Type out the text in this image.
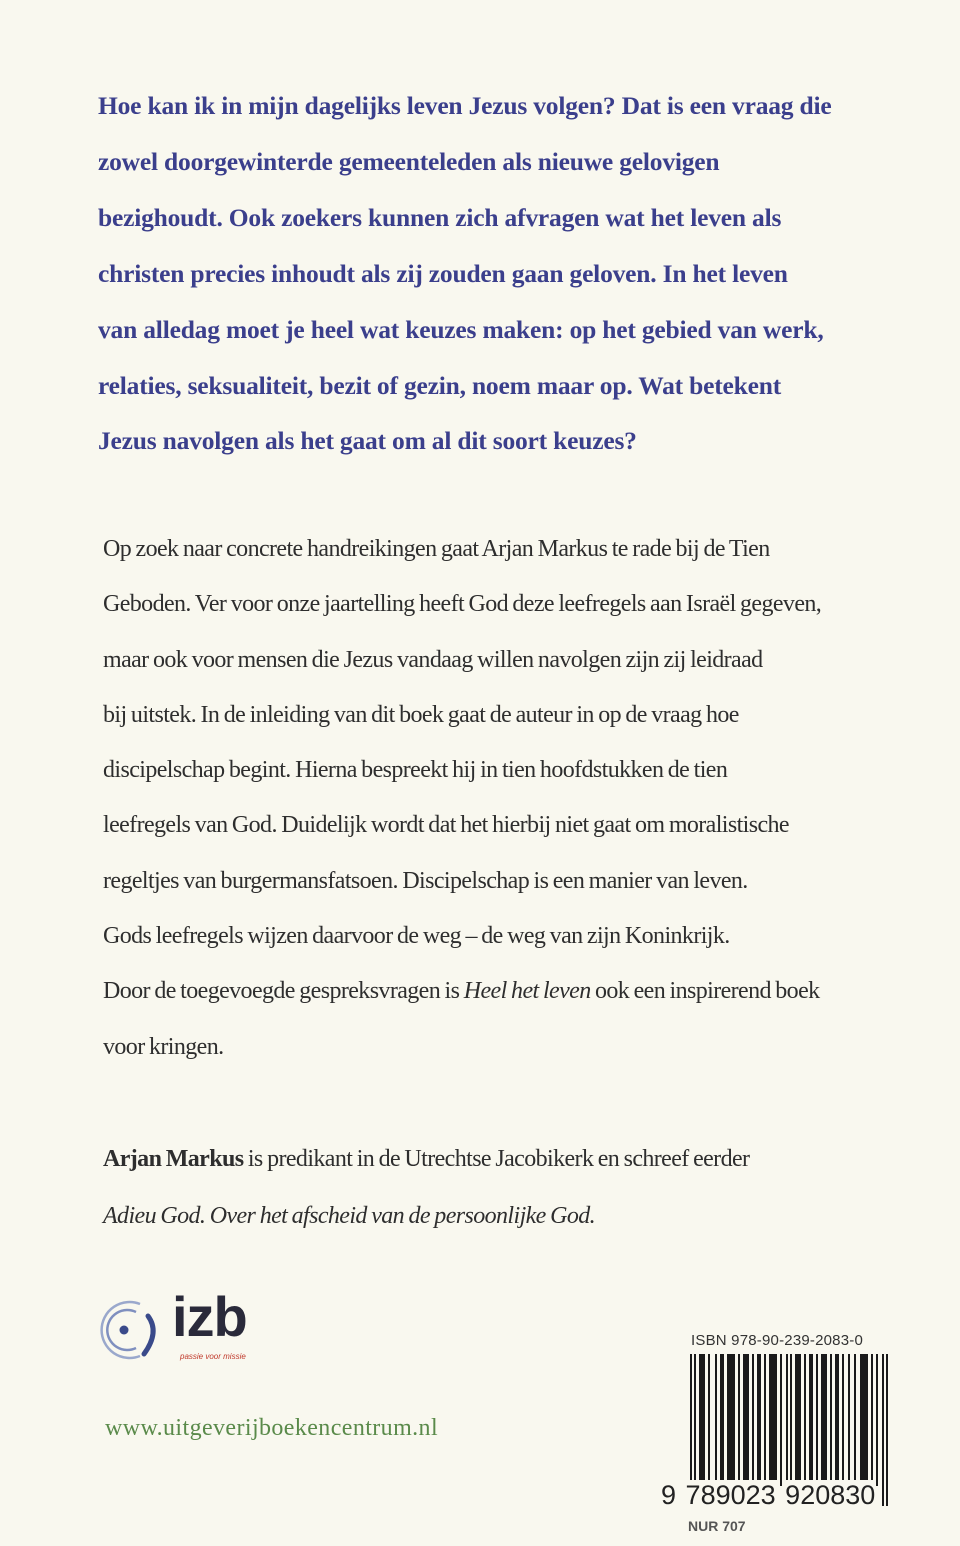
Hoe kan ik in mijn dagelijks leven Jezus volgen? Dat is een vraag die
zowel doorgewinterde gemeenteleden als nieuwe gelovigen
bezighoudt. Ook zoekers kunnen zich afvragen wat het leven als
christen precies inhoudt als zij zouden gaan geloven. In het leven
van alledag moet je heel wat keuzes maken: op het gebied van werk,
relaties, seksualiteit, bezit of gezin, noem maar op. Wat betekent
Jezus navolgen als het gaat om al dit soort keuzes?
Op zoek naar concrete handreikingen gaat Arjan Markus te rade bij de Tien
Geboden. Ver voor onze jaartelling heeft God deze leefregels aan Israël gegeven,
maar ook voor mensen die Jezus vandaag willen navolgen zijn zij leidraad
bij uitstek. In de inleiding van dit boek gaat de auteur in op de vraag hoe
discipelschap begint. Hierna bespreekt hij in tien hoofdstukken de tien
leefregels van God. Duidelijk wordt dat het hierbij niet gaat om moralistische
regeltjes van burgermansfatsoen. Discipelschap is een manier van leven.
Gods leefregels wijzen daarvoor de weg – de weg van zijn Koninkrijk.
Door de toegevoegde gespreksvragen is Heel het leven ook een inspirerend boek
voor kringen.
Arjan Markus is predikant in de Utrechtse Jacobikerk en schreef eerder
Adieu God. Over het afscheid van de persoonlijke God.
izb
passie voor missie
www.uitgeverijboekencentrum.nl
ISBN 978-90-239-2083-0
9 789023 920830
NUR 707
